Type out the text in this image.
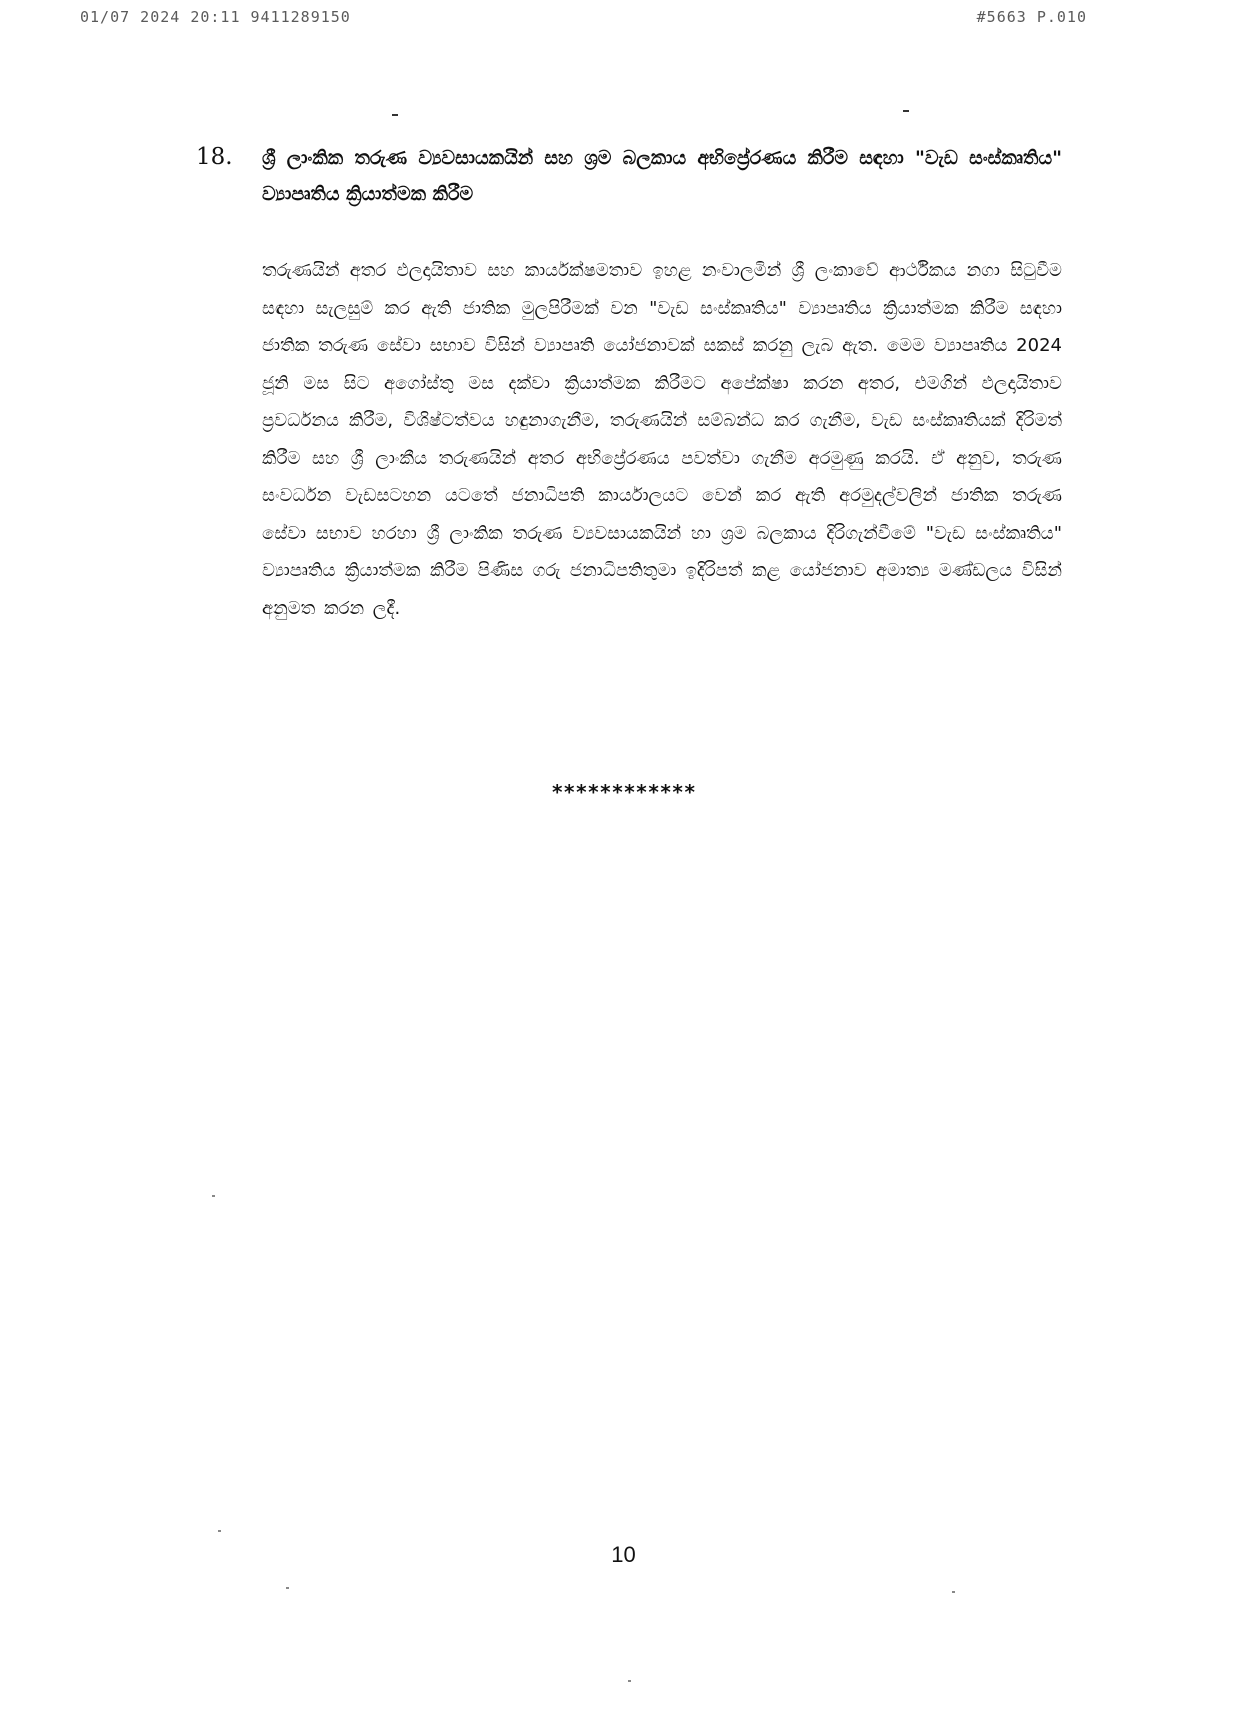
01/07 2024 20:11 9411289150	#5663 P.010
18. ශ්‍රී ලාංකික තරුණ ව්‍යවසායකයින් සහ ශ්‍රම බලකාය අභිප්‍රේරණය කිරීම සඳහා "වැඩ සංස්කෘතිය" ව්‍යාපෘතිය ක්‍රියාත්මක කිරීම
තරුණයින් අතර ඵලදායිතාව සහ කාර්යක්ෂමතාව ඉහළ නංවාලමින් ශ්‍රී ලංකාවේ ආර්ථිකය නගා සිටුවීම සඳහා සැලසුම් කර ඇති ජාතික මුලපිරීමක් වන "වැඩ සංස්කෘතිය" ව්‍යාපෘතිය ක්‍රියාත්මක කිරීම සඳහා ජාතික තරුණ සේවා සභාව විසින් ව්‍යාපෘති යෝජනාවක් සකස් කරනු ලැබ ඇත. මෙම ව්‍යාපෘතිය 2024 ජූනි මස සිට අගෝස්තු මස දක්වා ක්‍රියාත්මක කිරීමට අපේක්ෂා කරන අතර, එමගින් ඵලදායිතාව ප්‍රවර්ධනය කිරීම, විශිෂ්ටත්වය හඳුනාගැනීම, තරුණයින් සම්බන්ධ කර ගැනීම, වැඩ සංස්කෘතියක් දිරිමත් කිරීම සහ ශ්‍රී ලාංකීය තරුණයින් අතර අභිප්‍රේරණය පවත්වා ගැනීම අරමුණු කරයි. ඒ අනුව, තරුණ සංවර්ධන වැඩසටහන යටතේ ජනාධිපති කාර්යාලයට වෙන් කර ඇති අරමුදල්වලින් ජාතික තරුණ සේවා සභාව හරහා ශ්‍රී ලාංකික තරුණ ව්‍යවසායකයින් හා ශ්‍රම බලකාය දිරිගැන්වීමේ "වැඩ සංස්කෘතිය" ව්‍යාපෘතිය ක්‍රියාත්මක කිරීම පිණිස ගරු ජනාධිපතිතුමා ඉදිරිපත් කළ යෝජනාව අමාත්‍ය මණ්ඩලය විසින් අනුමත කරන ලදී.
************
10
